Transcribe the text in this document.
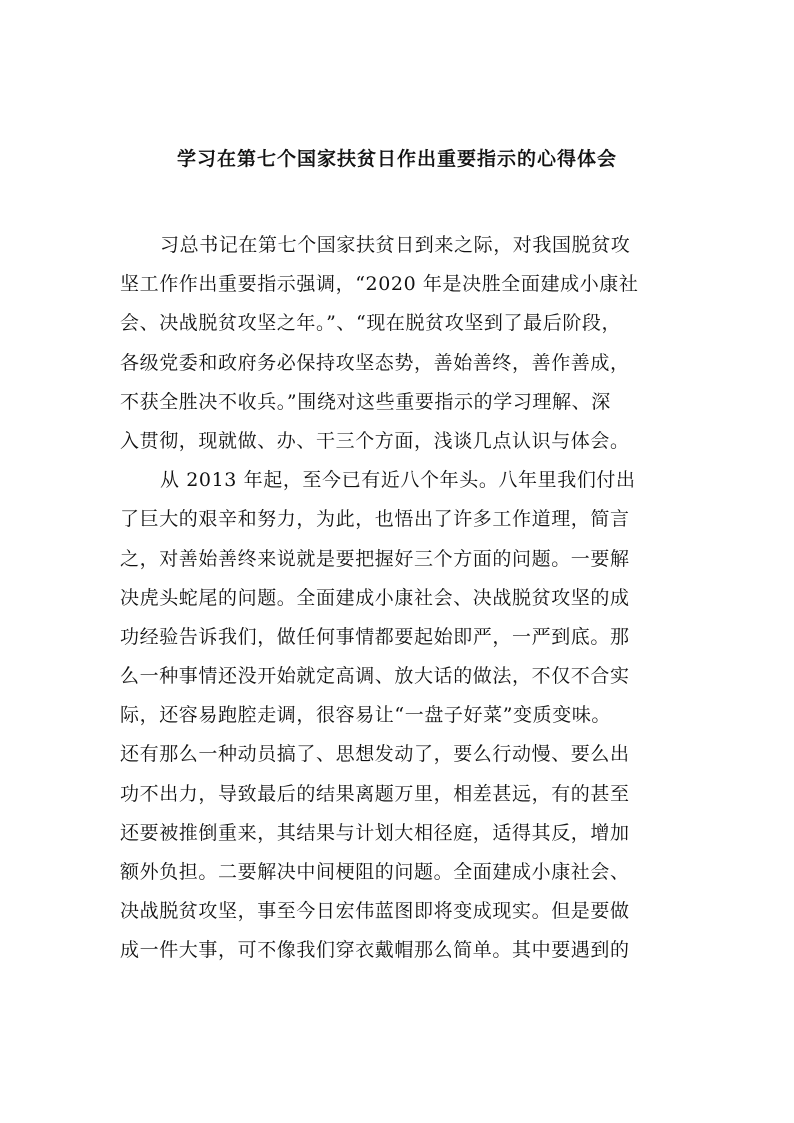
学习在第七个国家扶贫日作出重要指示的心得体会
习总书记在第七个国家扶贫日到来之际，对我国脱贫攻
坚工作作出重要指示强调，“2020 年是决胜全面建成小康社
会、决战脱贫攻坚之年。”、“现在脱贫攻坚到了最后阶段，
各级党委和政府务必保持攻坚态势，善始善终，善作善成，
不获全胜决不收兵。”围绕对这些重要指示的学习理解、深
入贯彻，现就做、办、干三个方面，浅谈几点认识与体会。
从 2013 年起，至今已有近八个年头。八年里我们付出
了巨大的艰辛和努力，为此，也悟出了许多工作道理，简言
之，对善始善终来说就是要把握好三个方面的问题。一要解
决虎头蛇尾的问题。全面建成小康社会、决战脱贫攻坚的成
功经验告诉我们，做任何事情都要起始即严，一严到底。那
么一种事情还没开始就定高调、放大话的做法，不仅不合实
际，还容易跑腔走调，很容易让“一盘子好菜”变质变味。
还有那么一种动员搞了、思想发动了，要么行动慢、要么出
功不出力，导致最后的结果离题万里，相差甚远，有的甚至
还要被推倒重来，其结果与计划大相径庭，适得其反，增加
额外负担。二要解决中间梗阻的问题。全面建成小康社会、
决战脱贫攻坚，事至今日宏伟蓝图即将变成现实。但是要做
成一件大事，可不像我们穿衣戴帽那么简单。其中要遇到的
